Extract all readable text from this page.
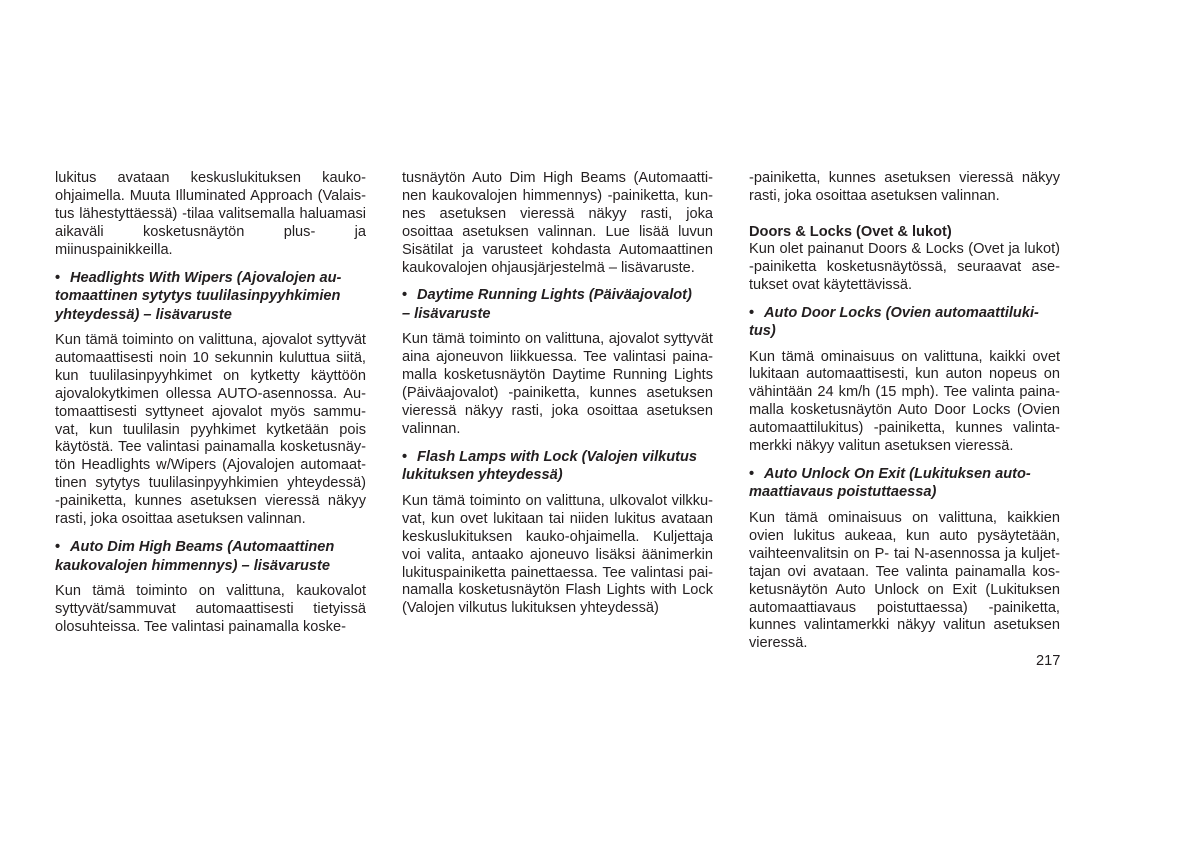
lukitus avataan keskuslukituksen kauko-
ohjaimella. Muuta Illuminated Approach (Valais-
tus lähestyttäessä) -tilaa valitsemalla haluamasi
aikaväli kosketusnäytön plus- ja
miinuspainikkeilla.
• Headlights With Wipers (Ajovalojen au-
tomaattinen sytytys tuulilasinpyyhkimien
yhteydessä) – lisävaruste
Kun tämä toiminto on valittuna, ajovalot syttyvät
automaattisesti noin 10 sekunnin kuluttua siitä,
kun tuulilasinpyyhkimet on kytketty käyttöön
ajovalokytkimen ollessa AUTO-asennossa. Au-
tomaattisesti syttyneet ajovalot myös sammu-
vat, kun tuulilasin pyyhkimet kytketään pois
käytöstä. Tee valintasi painamalla kosketusnäy-
tön Headlights w/Wipers (Ajovalojen automaat-
tinen sytytys tuulilasinpyyhkimien yhteydessä)
-painiketta, kunnes asetuksen vieressä näkyy
rasti, joka osoittaa asetuksen valinnan.
• Auto Dim High Beams (Automaattinen
kaukovalojen himmennys) – lisävaruste
Kun tämä toiminto on valittuna, kaukovalot
syttyvät/sammuvat automaattisesti tietyissä
olosuhteissa. Tee valintasi painamalla koske-
tusnäytön Auto Dim High Beams (Automaatti-
nen kaukovalojen himmennys) -painiketta, kun-
nes asetuksen vieressä näkyy rasti, joka
osoittaa asetuksen valinnan. Lue lisää luvun
Sisätilat ja varusteet kohdasta Automaattinen
kaukovalojen ohjausjärjestelmä – lisävaruste.
• Daytime Running Lights (Päiväajovalot)
– lisävaruste
Kun tämä toiminto on valittuna, ajovalot syttyvät
aina ajoneuvon liikkuessa. Tee valintasi paina-
malla kosketusnäytön Daytime Running Lights
(Päiväajovalot) -painiketta, kunnes asetuksen
vieressä näkyy rasti, joka osoittaa asetuksen
valinnan.
• Flash Lamps with Lock (Valojen vilkutus
lukituksen yhteydessä)
Kun tämä toiminto on valittuna, ulkovalot vilkku-
vat, kun ovet lukitaan tai niiden lukitus avataan
keskuslukituksen kauko-ohjaimella. Kuljettaja
voi valita, antaako ajoneuvo lisäksi äänimerkin
lukituspainiketta painettaessa. Tee valintasi pai-
namalla kosketusnäytön Flash Lights with Lock
(Valojen vilkutus lukituksen yhteydessä)
-painiketta, kunnes asetuksen vieressä näkyy
rasti, joka osoittaa asetuksen valinnan.
Doors & Locks (Ovet & lukot)
Kun olet painanut Doors & Locks (Ovet ja lukot)
-painiketta kosketusnäytössä, seuraavat ase-
tukset ovat käytettävissä.
• Auto Door Locks (Ovien automaattiluki-
tus)
Kun tämä ominaisuus on valittuna, kaikki ovet
lukitaan automaattisesti, kun auton nopeus on
vähintään 24 km/h (15 mph). Tee valinta paina-
malla kosketusnäytön Auto Door Locks (Ovien
automaattilukitus) -painiketta, kunnes valinta-
merkki näkyy valitun asetuksen vieressä.
• Auto Unlock On Exit (Lukituksen auto-
maattiavaus poistuttaessa)
Kun tämä ominaisuus on valittuna, kaikkien
ovien lukitus aukeaa, kun auto pysäytetään,
vaihteenvalitsin on P- tai N-asennossa ja kuljet-
tajan ovi avataan. Tee valinta painamalla kos-
ketusnäytön Auto Unlock on Exit (Lukituksen
automaattiavaus poistuttaessa) -painiketta,
kunnes valintamerkki näkyy valitun asetuksen
vieressä.
217
